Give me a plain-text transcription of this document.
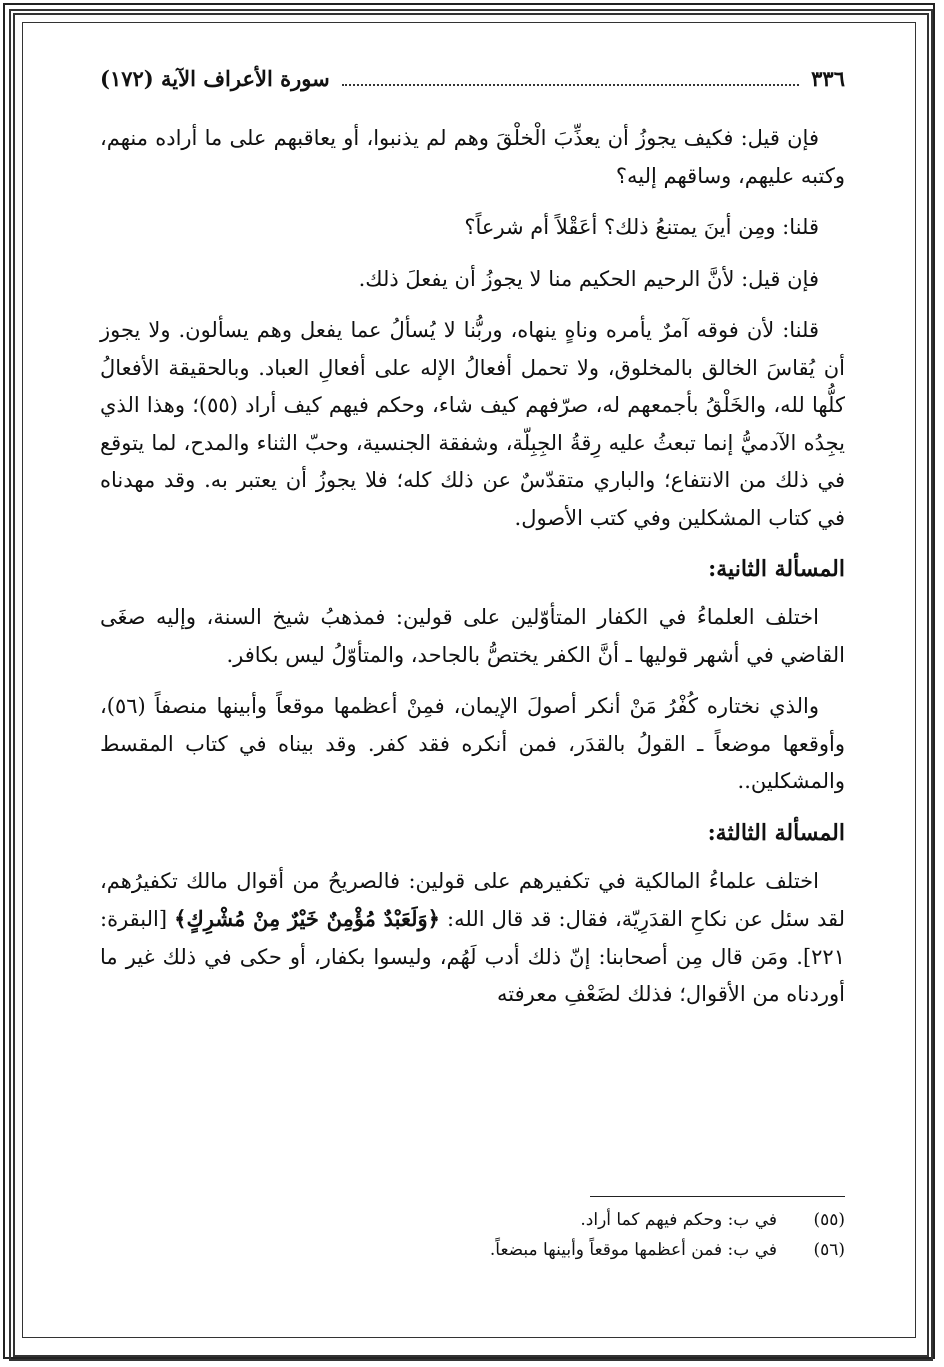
٣٣٦
سورة الأعراف الآية (١٧٢)

فإن قيل: فكيف يجوزُ أن يعذِّبَ الْخلْقَ وهم لم يذنبوا، أو يعاقبهم على ما أراده منهم، وكتبه عليهم، وساقهم إليه؟

قلنا: ومِن أينَ يمتنعُ ذلك؟ أعَقْلاً أم شرعاً؟

فإن قيل: لأنَّ الرحيم الحكيم منا لا يجوزُ أن يفعلَ ذلك.

قلنا: لأن فوقه آمرٌ يأمره وناهٍ ينهاه، وربُّنا لا يُسألُ عما يفعل وهم يسألون. ولا يجوز أن يُقاسَ الخالق بالمخلوق، ولا تحمل أفعالُ الإله على أفعالِ العباد. وبالحقيقة الأفعالُ كلُّها لله، والخَلْقُ بأجمعهم له، صرّفهم كيف شاء، وحكم فيهم كيف أراد (٥٥)؛ وهذا الذي يجِدُه الآدميُّ إنما تبعثُ عليه رِقةُ الجِبِلّة، وشفقة الجنسية، وحبّ الثناء والمدح، لما يتوقع في ذلك من الانتفاع؛ والباري متقدّسٌ عن ذلك كله؛ فلا يجوزُ أن يعتبر به. وقد مهدناه في كتاب المشكلين وفي كتب الأصول.

المسألة الثانية:

اختلف العلماءُ في الكفار المتأوّلين على قولين: فمذهبُ شيخ السنة، وإليه صغَى القاضي في أشهر قوليها ـ أنَّ الكفر يختصُّ بالجاحد، والمتأوّلُ ليس بكافر.

والذي نختاره كُفْرُ مَنْ أنكر أصولَ الإيمان، فمِنْ أعظمها موقعاً وأبينها منصفاً (٥٦)، وأوقعها موضعاً ـ القولُ بالقدَر، فمن أنكره فقد كفر. وقد بيناه في كتاب المقسط والمشكلين..

المسألة الثالثة:

اختلف علماءُ المالكية في تكفيرهم على قولين: فالصريحُ من أقوال مالك تكفيرُهم، لقد سئل عن نكاحِ القدَرِيّة، فقال: قد قال الله: ﴿وَلَعَبْدٌ مُؤْمِنٌ خَيْرٌ مِنْ مُشْرِكٍ﴾ [البقرة: ٢٢١]. ومَن قال مِن أصحابنا: إنّ ذلك أدب لَهُم، وليسوا بكفار، أو حكى في ذلك غير ما أوردناه من الأقوال؛ فذلك لضَعْفِ معرفته

(٥٥)
في ب: وحكم فيهم كما أراد.
(٥٦)
في ب: فمن أعظمها موقعاً وأبينها مبضعاً.
